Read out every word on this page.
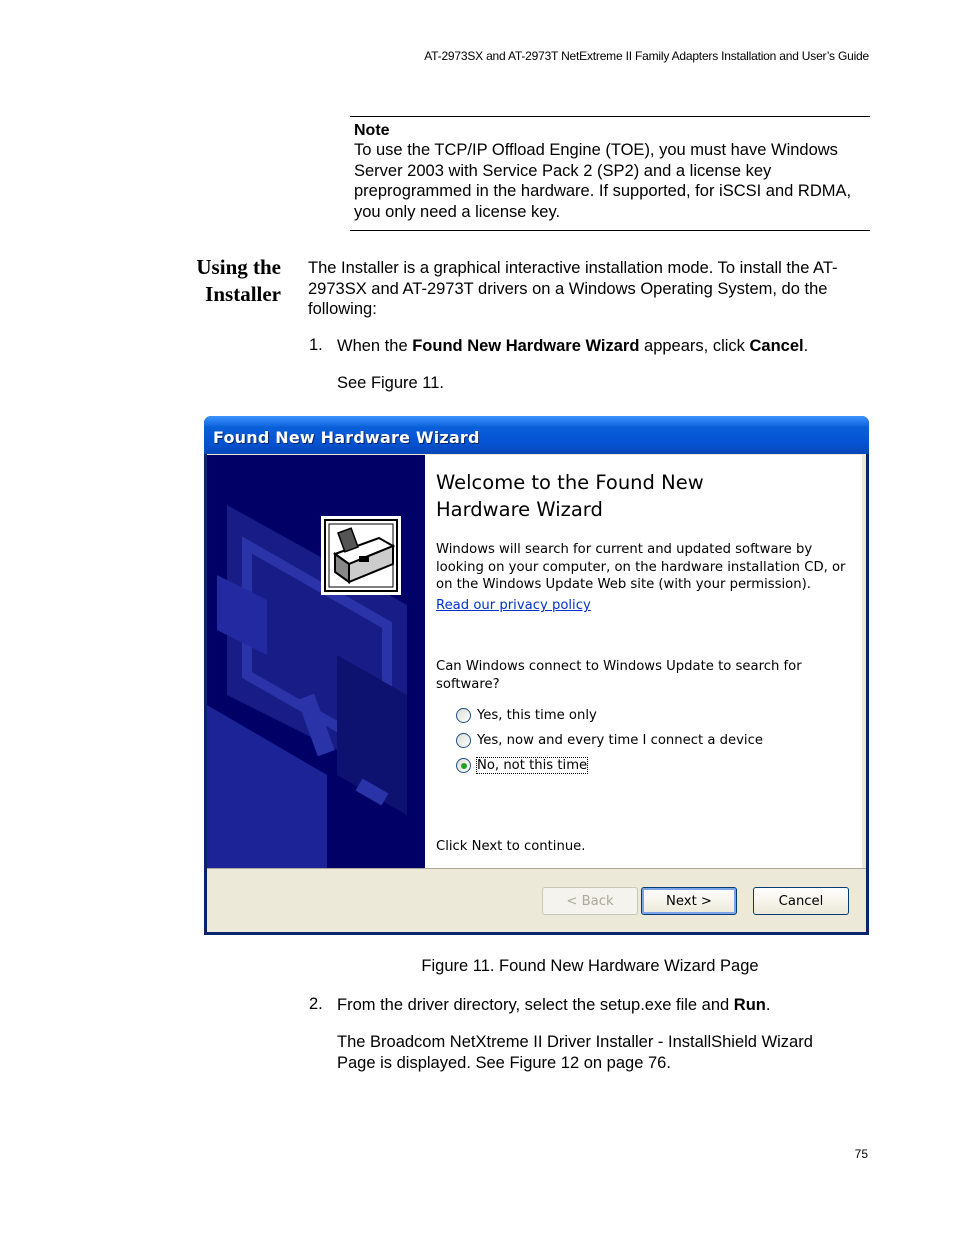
AT-2973SX and AT-2973T NetExtreme II Family Adapters Installation and User’s Guide
Note
To use the TCP/IP Offload Engine (TOE), you must have Windows Server 2003 with Service Pack 2 (SP2) and a license key preprogrammed in the hardware. If supported, for iSCSI and RDMA, you only need a license key.
Using the
Installer
The Installer is a graphical interactive installation mode. To install the AT-2973SX and AT-2973T drivers on a Windows Operating System, do the following:
1. When the Found New Hardware Wizard appears, click Cancel.
See Figure 11.
Found New Hardware Wizard
Welcome to the Found New
Hardware Wizard
Windows will search for current and updated software by looking on your computer, on the hardware installation CD, or on the Windows Update Web site (with your permission).
Read our privacy policy
Can Windows connect to Windows Update to search for software?
Yes, this time only
Yes, now and every time I connect a device
No, not this time
Click Next to continue.
< Back	Next >	Cancel
Figure 11. Found New Hardware Wizard Page
2. From the driver directory, select the setup.exe file and Run.
The Broadcom NetXtreme II Driver Installer - InstallShield Wizard Page is displayed. See Figure 12 on page 76.
75
